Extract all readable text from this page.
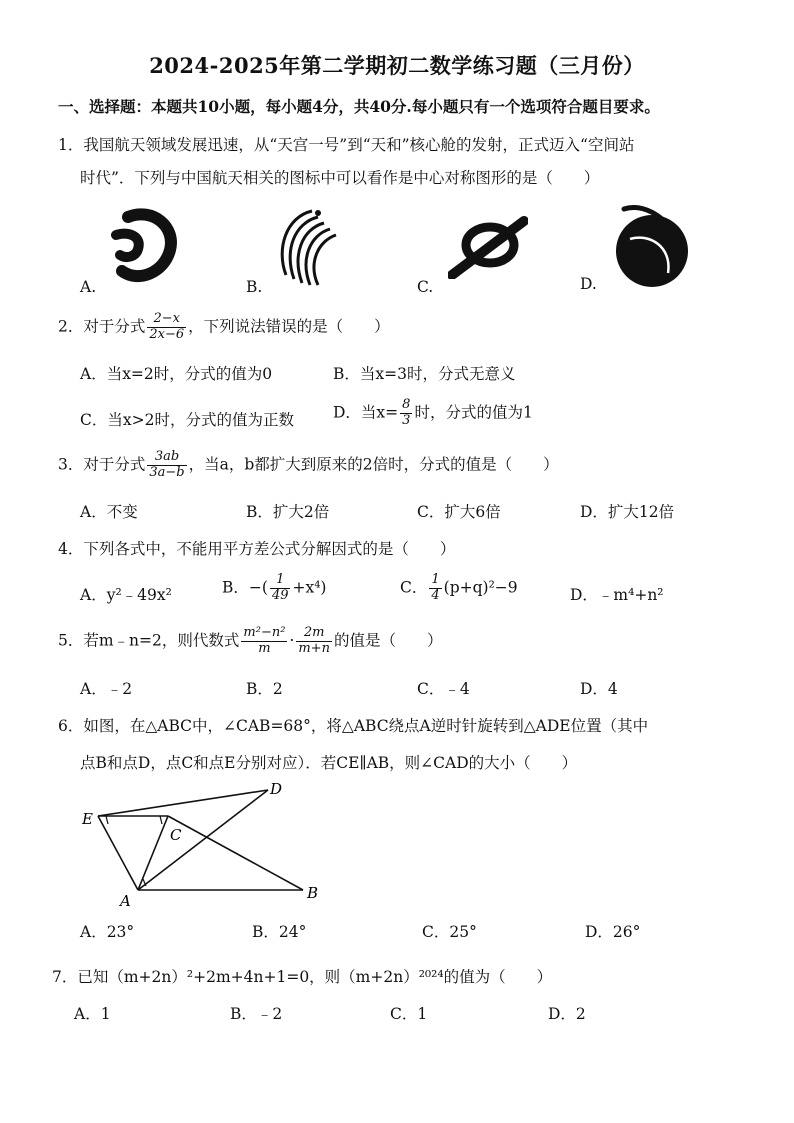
2024-2025年第二学期初二数学练习题（三月份）
一、选择题：本题共10小题，每小题4分，共40分.每小题只有一个选项符合题目要求。
1．我国航天领域发展迅速，从“天宫一号”到“天和”核心舱的发射，正式迈入“空间站
时代”．下列与中国航天相关的图标中可以看作是中心对称图形的是（　　）
A.	B.	C.	D.
2．对于分式 $\frac{2-x}{2x-6}$ ，下列说法错误的是（　　）
A．当x=2时，分式的值为0	B．当x=3时，分式无意义
C．当x>2时，分式的值为正数	D．当$x= \frac{8}{3}$ 时，分式的值为1
3．对于分式 $\frac{3ab}{3a-b}$ ，当a，b都扩大到原来的2倍时，分式的值是（　　）
A．不变	B．扩大2倍	C．扩大6倍	D．扩大12倍
4．下列各式中，不能用平方差公式分解因式的是（　　）
A．y²﹣49x²	B．−( $\frac{1}{49} +x^4$)	C． $\frac{1}{4} (p+q)^2-9$	D．﹣m⁴+n²
5．若m﹣n=2，则代数式 $\frac{\text{m²−n²}}{m} \cdot \frac{2m}{m+n}$ 的值是（　　）
A．﹣2	B．2	C．﹣4	D．4
6．如图，在△ABC中，∠CAB=68°，将△ABC绕点A逆时针旋转到△ADE位置（其中
点B和点D，点C和点E分别对应）．若CE∥AB，则∠CAD的大小（　　）
E
C
D
A	B
A．23°	B．24°	C．25°	D．26°
7．已知（m+2n）²+2m+4n+1=0，则（m+2n）²⁰²⁴的值为（　　）
A．1	B．﹣2	C．1	D．2
